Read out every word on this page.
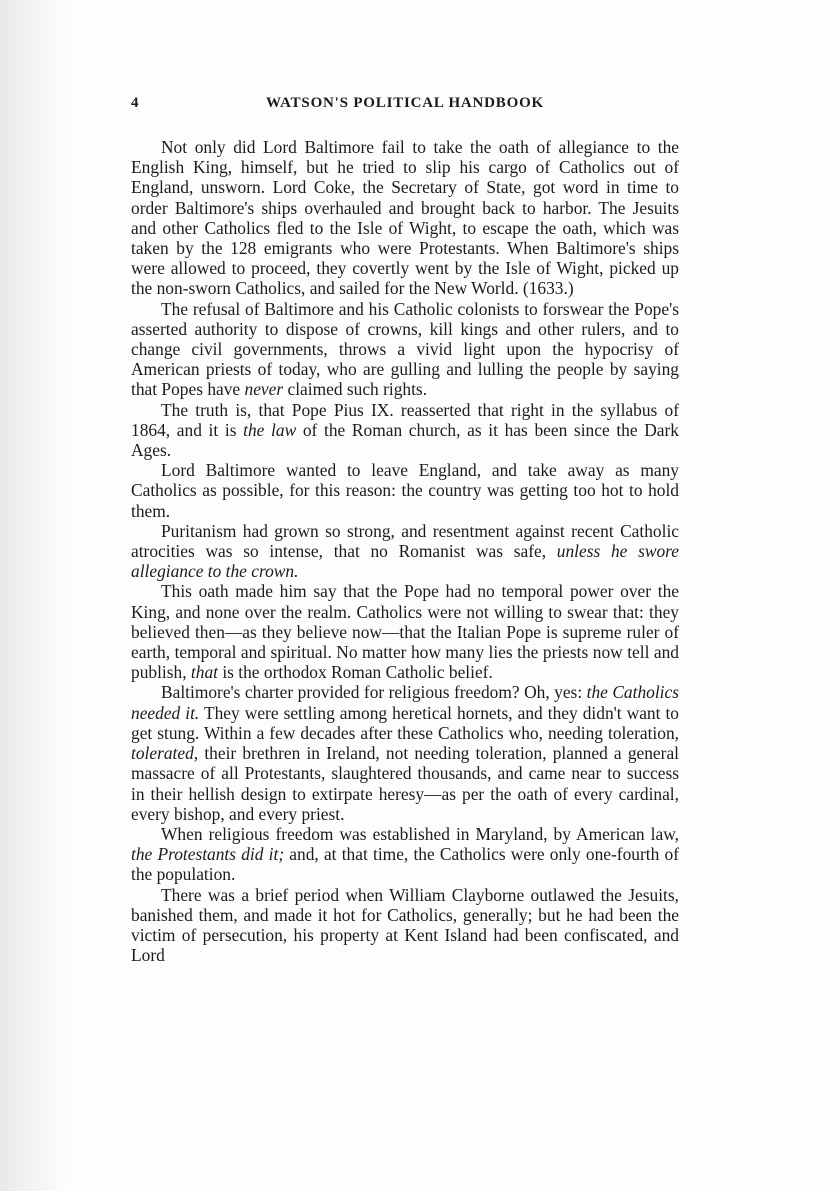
4	WATSON'S POLITICAL HANDBOOK

Not only did Lord Baltimore fail to take the oath of allegiance to the English King, himself, but he tried to slip his cargo of Catholics out of England, unsworn. Lord Coke, the Secretary of State, got word in time to order Baltimore's ships overhauled and brought back to harbor. The Jesuits and other Catholics fled to the Isle of Wight, to escape the oath, which was taken by the 128 emigrants who were Protestants. When Baltimore's ships were allowed to proceed, they covertly went by the Isle of Wight, picked up the non-sworn Catholics, and sailed for the New World. (1633.)

The refusal of Baltimore and his Catholic colonists to forswear the Pope's asserted authority to dispose of crowns, kill kings and other rulers, and to change civil governments, throws a vivid light upon the hypocrisy of American priests of today, who are gulling and lulling the people by saying that Popes have never claimed such rights.

The truth is, that Pope Pius IX. reasserted that right in the syllabus of 1864, and it is the law of the Roman church, as it has been since the Dark Ages.

Lord Baltimore wanted to leave England, and take away as many Catholics as possible, for this reason: the country was getting too hot to hold them.

Puritanism had grown so strong, and resentment against recent Catholic atrocities was so intense, that no Romanist was safe, unless he swore allegiance to the crown.

This oath made him say that the Pope had no temporal power over the King, and none over the realm. Catholics were not willing to swear that: they believed then—as they believe now—that the Italian Pope is supreme ruler of earth, temporal and spiritual. No matter how many lies the priests now tell and publish, that is the orthodox Roman Catholic belief.

Baltimore's charter provided for religious freedom? Oh, yes: the Catholics needed it. They were settling among heretical hornets, and they didn't want to get stung. Within a few decades after these Catholics who, needing toleration, tolerated, their brethren in Ireland, not needing toleration, planned a general massacre of all Protestants, slaughtered thousands, and came near to success in their hellish design to extirpate heresy—as per the oath of every cardinal, every bishop, and every priest.

When religious freedom was established in Maryland, by American law, the Protestants did it; and, at that time, the Catholics were only one-fourth of the population.

There was a brief period when William Clayborne outlawed the Jesuits, banished them, and made it hot for Catholics, generally; but he had been the victim of persecution, his property at Kent Island had been confiscated, and Lord
